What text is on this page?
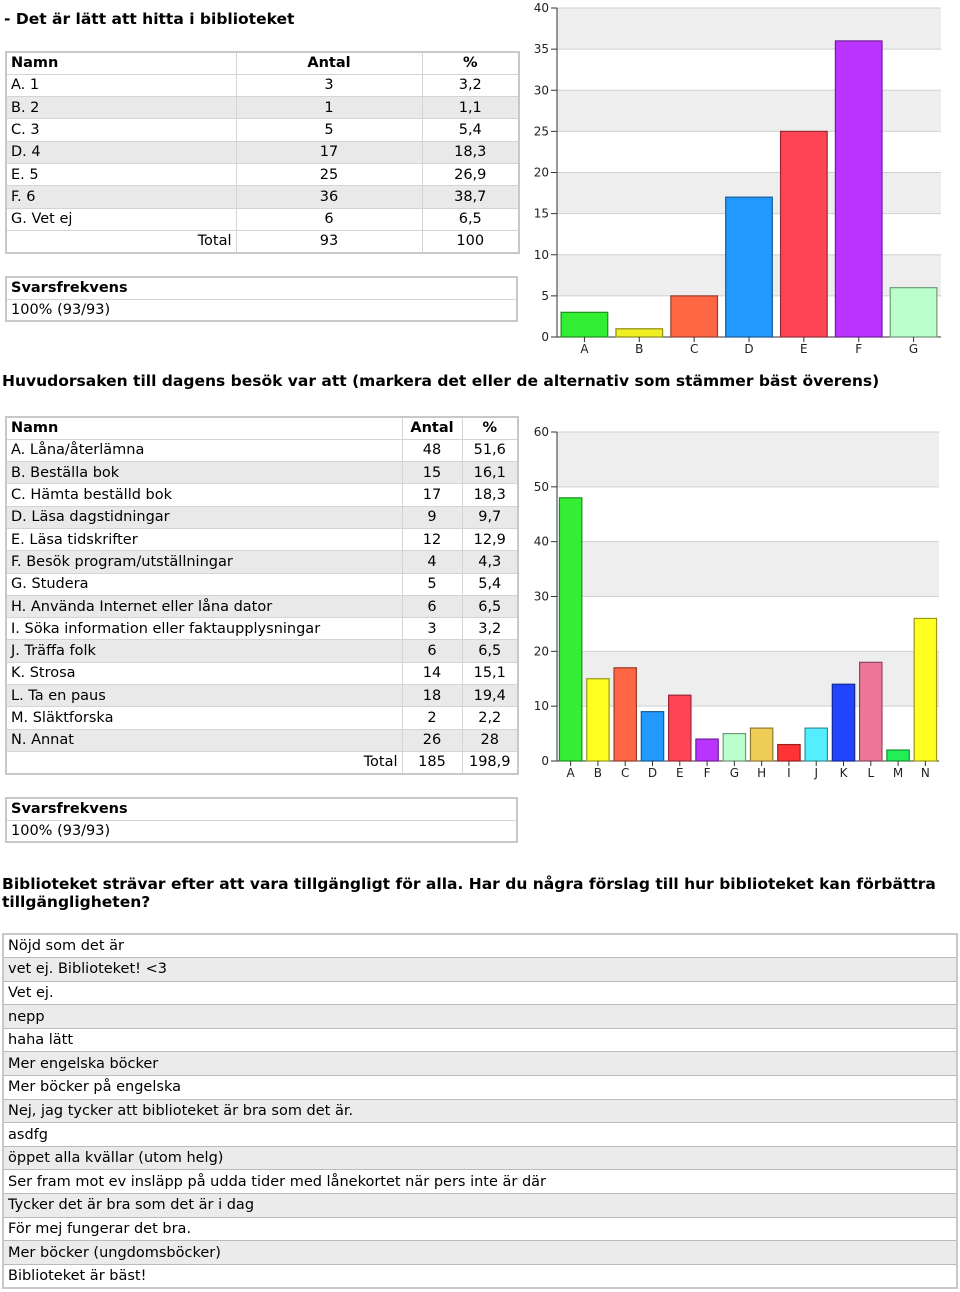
- Det är lätt att hitta i biblioteket
Namn	Antal	%
A. 1	3	3,2
B. 2	1	1,1
C. 3	5	5,4
D. 4	17	18,3
E. 5	25	26,9
F. 6	36	38,7
G. Vet ej	6	6,5
Total	93	100
Svarsfrekvens
100% (93/93)
0
5
10
15
20
25
30
35
40
A	B	C	D	E	F	G
Huvudorsaken till dagens besök var att (markera det eller de alternativ som stämmer bäst överens)
Namn	Antal	%
A. Låna/återlämna	48	51,6
B. Beställa bok	15	16,1
C. Hämta beställd bok	17	18,3
D. Läsa dagstidningar	9	9,7
E. Läsa tidskrifter	12	12,9
F. Besök program/utställningar	4	4,3
G. Studera	5	5,4
H. Använda Internet eller låna dator	6	6,5
I. Söka information eller faktaupplysningar	3	3,2
J. Träffa folk	6	6,5
K. Strosa	14	15,1
L. Ta en paus	18	19,4
M. Släktforska	2	2,2
N. Annat	26	28
Total	185	198,9
Svarsfrekvens
100% (93/93)
0
10
20
30
40
50
60
A B C D E F G H I J K L M N
Biblioteket strävar efter att vara tillgängligt för alla. Har du några förslag till hur biblioteket kan förbättra
tillgängligheten?
Nöjd som det är
vet ej. Biblioteket! <3
Vet ej.
nepp
haha lätt
Mer engelska böcker
Mer böcker på engelska
Nej, jag tycker att biblioteket är bra som det är.
asdfg
öppet alla kvällar (utom helg)
Ser fram mot ev insläpp på udda tider med lånekortet när pers inte är där
Tycker det är bra som det är i dag
För mej fungerar det bra.
Mer böcker (ungdomsböcker)
Biblioteket är bäst!
